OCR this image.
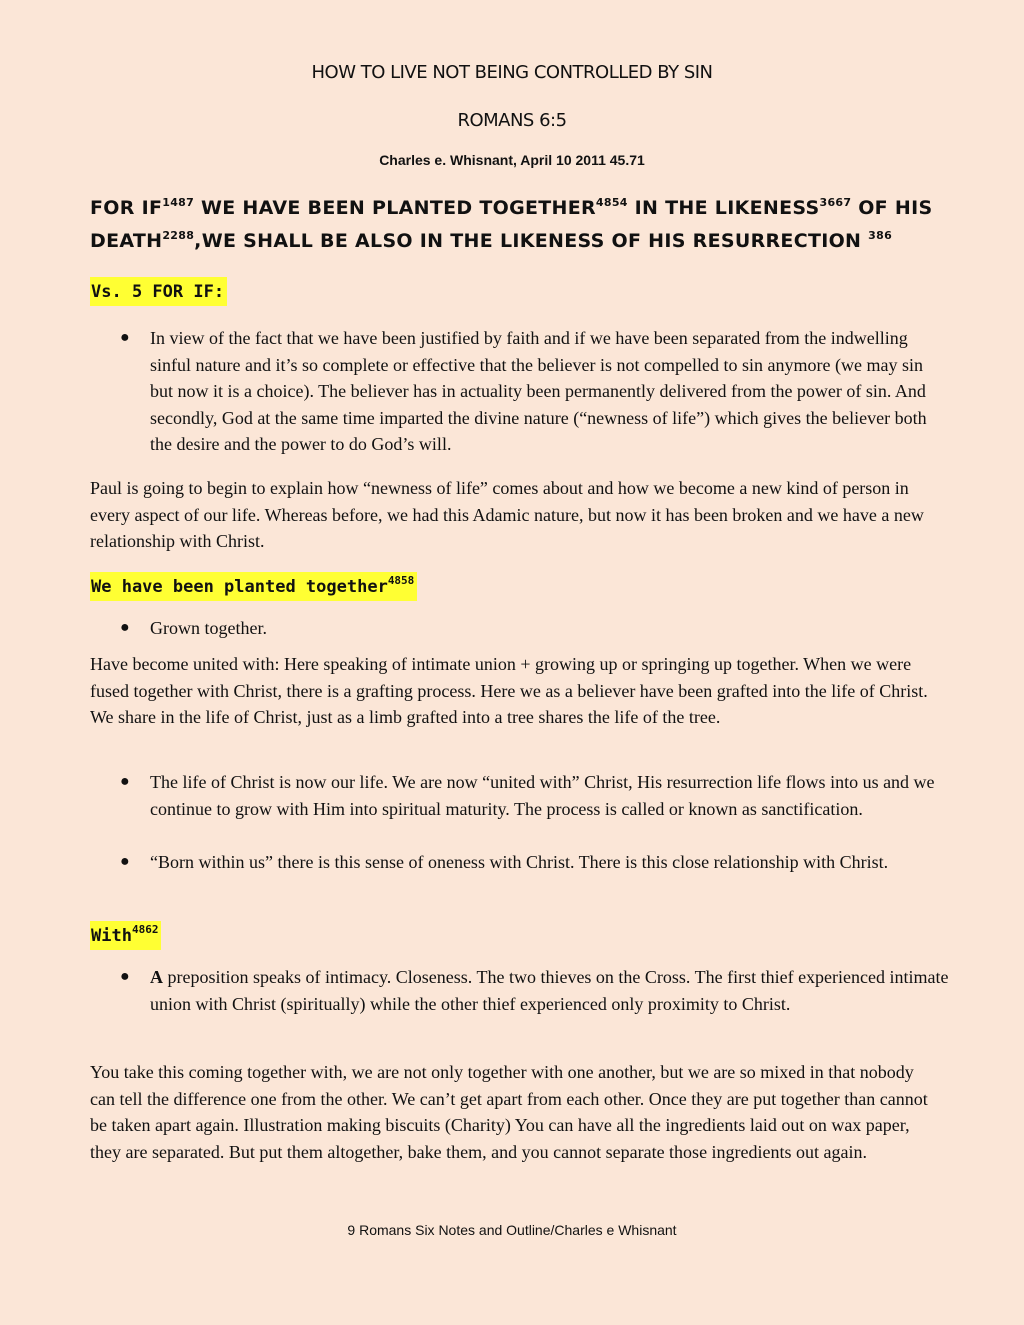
HOW TO LIVE NOT BEING CONTROLLED BY SIN
ROMANS 6:5
Charles e. Whisnant, April 10 2011 45.71
FOR $IF^{1487}$ WE HAVE BEEN PLANTED $TOGETHER^{4854}$ IN THE $LIKENESS^{3667}$ OF HIS $DEATH^{2288},WE$ SHALL BE ALSO IN THE LIKENESS OF HIS RESURRECTION $^{386}$
Vs. 5 FOR IF:
● In view of the fact that we have been justified by faith and if we have been separated from the indwelling sinful nature and it’s so complete or effective that the believer is not compelled to sin anymore (we may sin but now it is a choice). The believer has in actuality been permanently delivered from the power of sin. And secondly, God at the same time imparted the divine nature (“newness of life”) which gives the believer both the desire and the power to do God’s will.
Paul is going to begin to explain how “newness of life” comes about and how we become a new kind of person in every aspect of our life. Whereas before, we had this Adamic nature, but now it has been broken and we have a new relationship with Christ.
We have been planted together$^{4858}$
● Grown together.
Have become united with: Here speaking of intimate union + growing up or springing up together. When we were fused together with Christ, there is a grafting process. Here we as a believer have been grafted into the life of Christ. We share in the life of Christ, just as a limb grafted into a tree shares the life of the tree.
● The life of Christ is now our life. We are now “united with” Christ, His resurrection life flows into us and we continue to grow with Him into spiritual maturity. The process is called or known as sanctification.
● “Born within us” there is this sense of oneness with Christ. There is this close relationship with Christ.
With$^{4862}$
● A preposition speaks of intimacy. Closeness. The two thieves on the Cross. The first thief experienced intimate union with Christ (spiritually) while the other thief experienced only proximity to Christ.
You take this coming together with, we are not only together with one another, but we are so mixed in that nobody can tell the difference one from the other. We can’t get apart from each other. Once they are put together than cannot be taken apart again. Illustration making biscuits (Charity) You can have all the ingredients laid out on wax paper, they are separated. But put them altogether, bake them, and you cannot separate those ingredients out again.
9 Romans Six Notes and Outline/Charles e Whisnant
